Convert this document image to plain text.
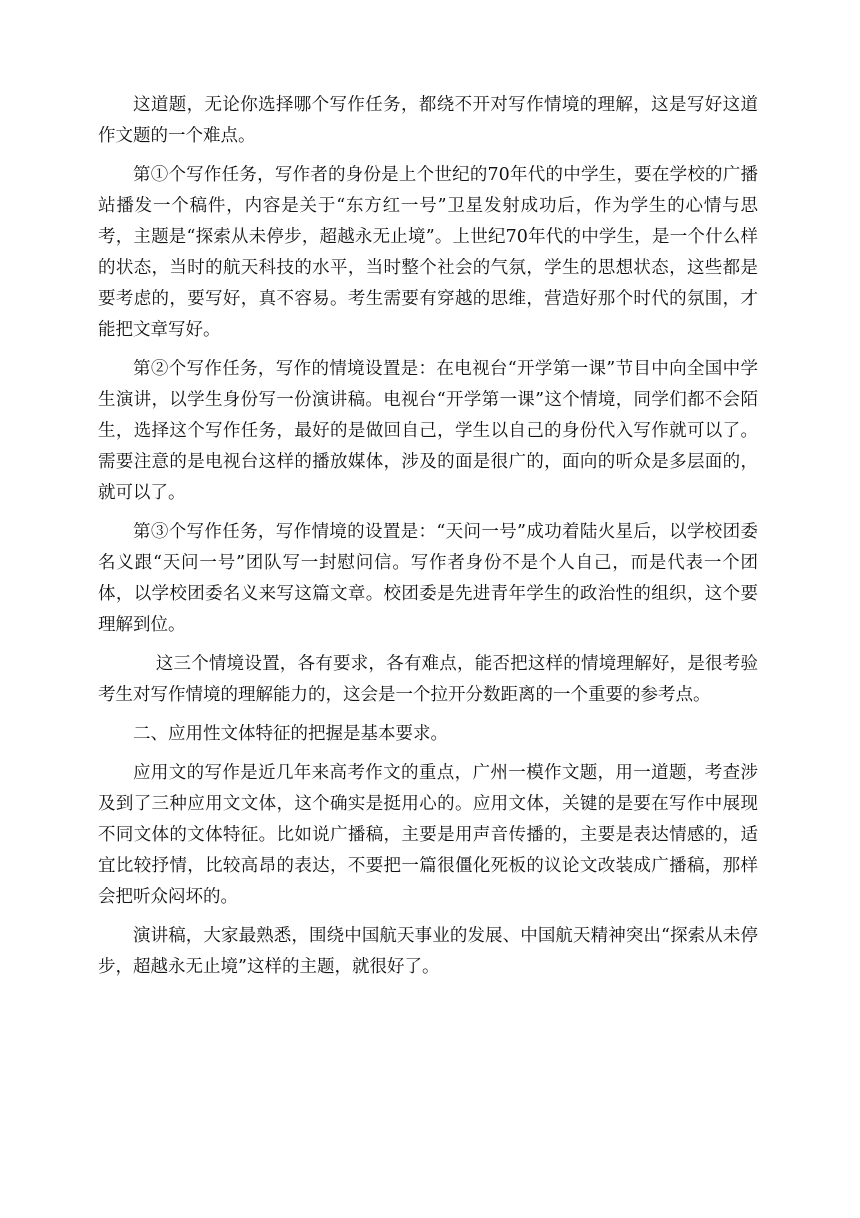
这道题，无论你选择哪个写作任务，都绕不开对写作情境的理解，这是写好这道作文题的一个难点。

第①个写作任务，写作者的身份是上个世纪的70年代的中学生，要在学校的广播站播发一个稿件，内容是关于“东方红一号”卫星发射成功后，作为学生的心情与思考，主题是“探索从未停步，超越永无止境”。上世纪70年代的中学生，是一个什么样的状态，当时的航天科技的水平，当时整个社会的气氛，学生的思想状态，这些都是要考虑的，要写好，真不容易。考生需要有穿越的思维，营造好那个时代的氛围，才能把文章写好。

第②个写作任务，写作的情境设置是：在电视台“开学第一课”节目中向全国中学生演讲，以学生身份写一份演讲稿。电视台“开学第一课”这个情境，同学们都不会陌生，选择这个写作任务，最好的是做回自己，学生以自己的身份代入写作就可以了。需要注意的是电视台这样的播放媒体，涉及的面是很广的，面向的听众是多层面的，就可以了。

第③个写作任务，写作情境的设置是：“天问一号”成功着陆火星后，以学校团委名义跟“天问一号”团队写一封慰问信。写作者身份不是个人自己，而是代表一个团体，以学校团委名义来写这篇文章。校团委是先进青年学生的政治性的组织，这个要理解到位。

这三个情境设置，各有要求，各有难点，能否把这样的情境理解好，是很考验考生对写作情境的理解能力的，这会是一个拉开分数距离的一个重要的参考点。

二、应用性文体特征的把握是基本要求。

应用文的写作是近几年来高考作文的重点，广州一模作文题，用一道题，考查涉及到了三种应用文文体，这个确实是挺用心的。应用文体，关键的是要在写作中展现不同文体的文体特征。比如说广播稿，主要是用声音传播的，主要是表达情感的，适宜比较抒情，比较高昂的表达，不要把一篇很僵化死板的议论文改装成广播稿，那样会把听众闷坏的。

演讲稿，大家最熟悉，围绕中国航天事业的发展、中国航天精神突出“探索从未停步，超越永无止境”这样的主题，就很好了。
